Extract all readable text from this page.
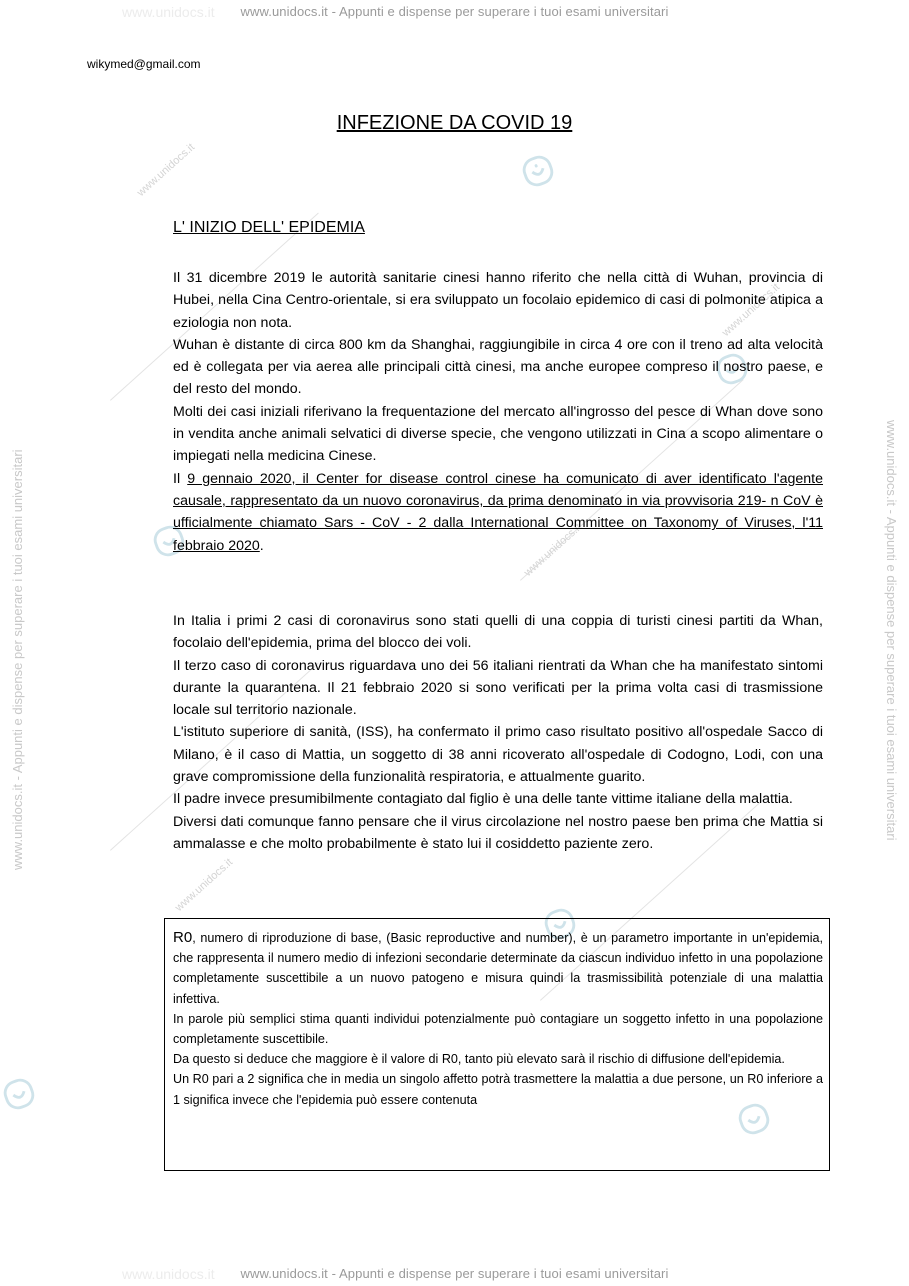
www.unidocs.it - Appunti e dispense per superare i tuoi esami universitari
www.unidocs.it - Appunti e dispense per superare i tuoi esami universitari
www.unidocs.it
www.unidocs.it
www.unidocs.it - Appunti e dispense per superare i tuoi esami universitari	www.unidocs.it - Appunti e dispense per superare i tuoi esami universitari
www.unidocs.it
www.unidocs.it
www.unidocs.it
www.unidocs.it
wikymed@gmail.com
INFEZIONE DA COVID 19
L' INIZIO DELL' EPIDEMIA

Il 31 dicembre 2019 le autorità sanitarie cinesi hanno riferito che nella città di Wuhan, provincia di Hubei, nella Cina Centro-orientale, si era sviluppato un focolaio epidemico di casi di polmonite atipica a eziologia non nota.

Wuhan è distante di circa 800 km da Shanghai, raggiungibile in circa 4 ore con il treno ad alta velocità ed è collegata per via aerea alle principali città cinesi, ma anche europee compreso il nostro paese, e del resto del mondo.

Molti dei casi iniziali riferivano la frequentazione del mercato all'ingrosso del pesce di Whan dove sono in vendita anche animali selvatici di diverse specie, che vengono utilizzati in Cina a scopo alimentare o impiegati nella medicina Cinese.

Il 9 gennaio 2020, il Center for disease control cinese ha comunicato di aver identificato l'agente causale, rappresentato da un nuovo coronavirus, da prima denominato in via provvisoria 219- n CoV è ufficialmente chiamato Sars - CoV - 2 dalla International Committee on Taxonomy of Viruses, l'11 febbraio 2020.

In Italia i primi 2 casi di coronavirus sono stati quelli di una coppia di turisti cinesi partiti da Whan, focolaio dell'epidemia, prima del blocco dei voli.

Il terzo caso di coronavirus riguardava uno dei 56 italiani rientrati da Whan che ha manifestato sintomi durante la quarantena. Il 21 febbraio 2020 si sono verificati per la prima volta casi di trasmissione locale sul territorio nazionale.

L'istituto superiore di sanità, (ISS), ha confermato il primo caso risultato positivo all'ospedale Sacco di Milano, è il caso di Mattia, un soggetto di 38 anni ricoverato all'ospedale di Codogno, Lodi, con una grave compromissione della funzionalità respiratoria, e attualmente guarito.

Il padre invece presumibilmente contagiato dal figlio è una delle tante vittime italiane della malattia.

Diversi dati comunque fanno pensare che il virus circolazione nel nostro paese ben prima che Mattia si ammalasse e che molto probabilmente è stato lui il cosiddetto paziente zero.

R0, numero di riproduzione di base, (Basic reproductive and number), è un parametro importante in un'epidemia, che rappresenta il numero medio di infezioni secondarie determinate da ciascun individuo infetto in una popolazione completamente suscettibile a un nuovo patogeno e misura quindi la trasmissibilità potenziale di una malattia infettiva.

In parole più semplici stima quanti individui potenzialmente può contagiare un soggetto infetto in una popolazione completamente suscettibile.

Da questo si deduce che maggiore è il valore di R0, tanto più elevato sarà il rischio di diffusione dell'epidemia.

Un R0 pari a 2 significa che in media un singolo affetto potrà trasmettere la malattia a due persone, un R0 inferiore a 1 significa invece che l'epidemia può essere contenuta
